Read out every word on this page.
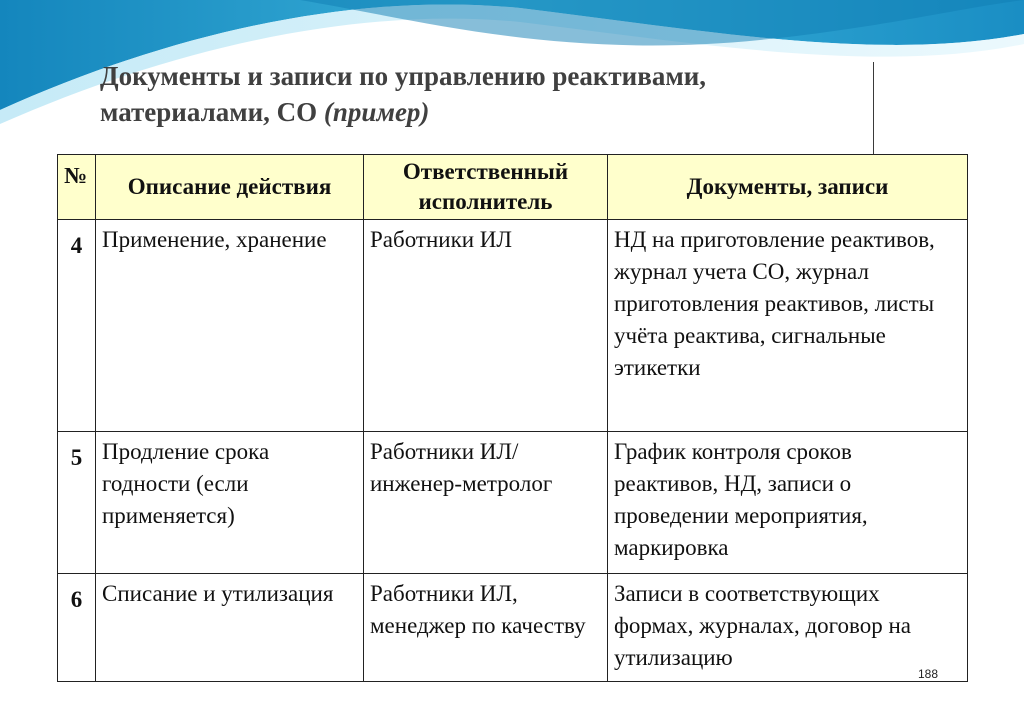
Документы и записи по управлению реактивами,
материалами, СО (пример)
№	Описание действия	Ответственный исполнитель	Документы, записи
4	Применение, хранение	Работники ИЛ	НД на приготовление реактивов, журнал учета СО, журнал приготовления реактивов, листы учёта реактива, сигнальные этикетки
5	Продление срока годности (если применяется)	Работники ИЛ/инженер-метролог	График контроля сроков реактивов, НД, записи о проведении мероприятия, маркировка
6	Списание и утилизация	Работники ИЛ, менеджер по качеству	Записи в соответствующих формах, журналах, договор на утилизацию
188
